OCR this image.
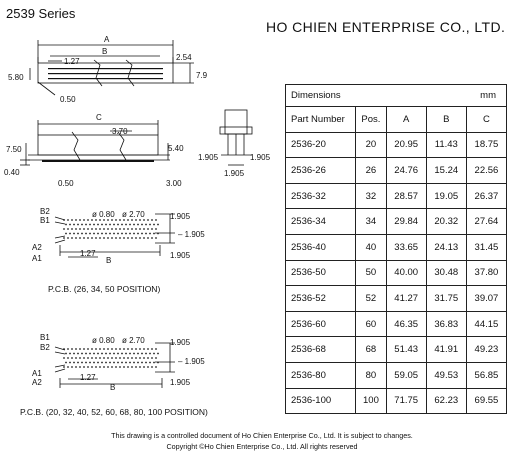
2539 Series
HO CHIEN ENTERPRISE CO., LTD.
A
B
1.27	2.54
5.80	7.9
0.50
C
3.70
7.50	5.40
0.40
0.50	3.00
1.905	1.905
1.905
B2
B1
A2
A1
ø 0.80 ø 2.70	1.905
– 1.905
1.905
1.27
B
P.C.B. (26, 34, 50 POSITION)
B1
B2
A1
A2
ø 0.80 ø 2.70	1.905
– 1.905
1.905
1.27
B
P.C.B. (20, 32, 40, 52, 60, 68, 80, 100 POSITION)
Dimensions mm				

Part Number	Pos.	A	B	C
2536-20	20	20.95	11.43	18.75
2536-26	26	24.76	15.24	22.56
2536-32	32	28.57	19.05	26.37
2536-34	34	29.84	20.32	27.64
2536-40	40	33.65	24.13	31.45
2536-50	50	40.00	30.48	37.80
2536-52	52	41.27	31.75	39.07
2536-60	60	46.35	36.83	44.15
2536-68	68	51.43	41.91	49.23
2536-80	80	59.05	49.53	56.85
2536-100	100	71.75	62.23	69.55
This drawing is a controlled document of Ho Chien Enterprise Co., Ltd. It is subject to changes.
Copyright ©Ho Chien Enterprise Co., Ltd. All rights reserved
